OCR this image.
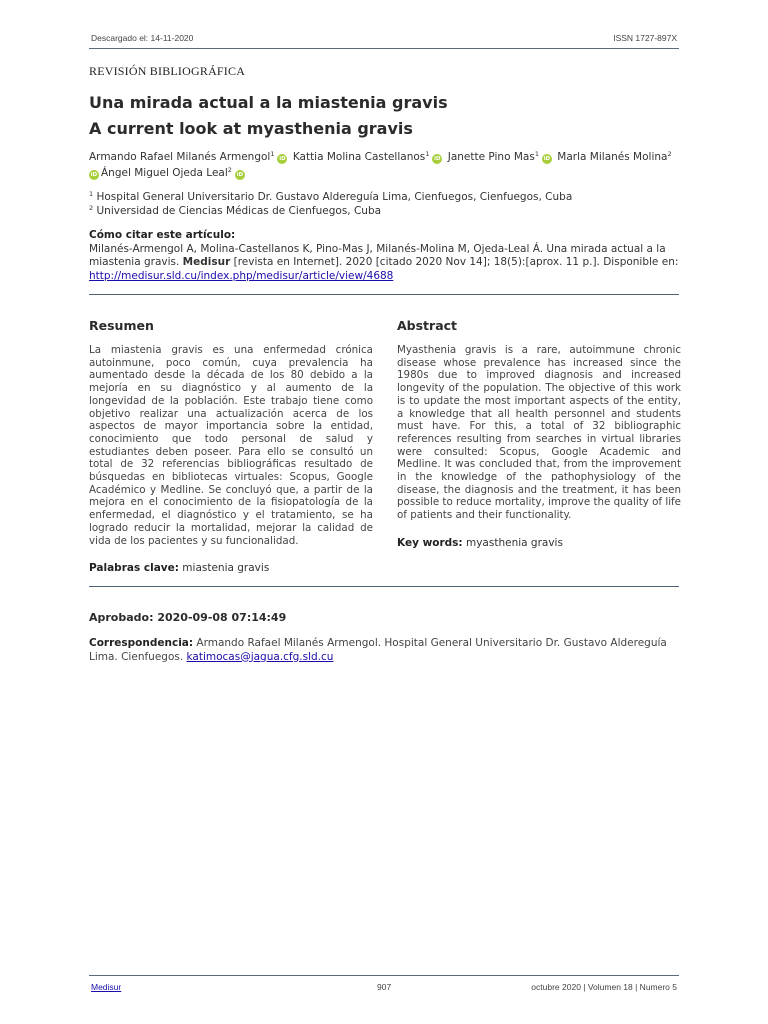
Descargado el: 14-11-2020	ISSN 1727-897X
REVISIÓN BIBLIOGRÁFICA
Una mirada actual a la miastenia gravis
A current look at myasthenia gravis
Armando Rafael Milanés Armengol$^1$iD Kattia Molina Castellanos$^1$iD Janette Pino Mas$^1$iD Marla Milanés Molina$^2$
iD Ángel Miguel Ojeda Leal$^2$iD
$^1$ Hospital General Universitario Dr. Gustavo Aldereguía Lima, Cienfuegos, Cienfuegos, Cuba
$^2$ Universidad de Ciencias Médicas de Cienfuegos, Cuba
Cómo citar este artículo:
Milanés-Armengol A, Molina-Castellanos K, Pino-Mas J, Milanés-Molina M, Ojeda-Leal Á. Una mirada actual a la miastenia gravis. Medisur [revista en Internet]. 2020 [citado 2020 Nov 14]; 18(5):[aprox. 11 p.]. Disponible en:
http://medisur.sld.cu/index.php/medisur/article/view/4688
Resumen
La miastenia gravis es una enfermedad crónica autoinmune, poco común, cuya prevalencia ha aumentado desde la década de los 80 debido a la mejoría en su diagnóstico y al aumento de la longevidad de la población. Este trabajo tiene como objetivo realizar una actualización acerca de los aspectos de mayor importancia sobre la entidad, conocimiento que todo personal de salud y estudiantes deben poseer. Para ello se consultó un total de 32 referencias bibliográficas resultado de búsquedas en bibliotecas virtuales: Scopus, Google Académico y Medline. Se concluyó que, a partir de la mejora en el conocimiento de la fisiopatología de la enfermedad, el diagnóstico y el tratamiento, se ha logrado reducir la mortalidad, mejorar la calidad de vida de los pacientes y su funcionalidad.
Palabras clave: miastenia gravis
Abstract
Myasthenia gravis is a rare, autoimmune chronic disease whose prevalence has increased since the 1980s due to improved diagnosis and increased longevity of the population. The objective of this work is to update the most important aspects of the entity, a knowledge that all health personnel and students must have. For this, a total of 32 bibliographic references resulting from searches in virtual libraries were consulted: Scopus, Google Academic and Medline. It was concluded that, from the improvement in the knowledge of the pathophysiology of the disease, the diagnosis and the treatment, it has been possible to reduce mortality, improve the quality of life of patients and their functionality.
Key words: myasthenia gravis
Aprobado: 2020-09-08 07:14:49
Correspondencia: Armando Rafael Milanés Armengol. Hospital General Universitario Dr. Gustavo Aldereguía Lima. Cienfuegos. katimocas@jagua.cfg.sld.cu
Medisur	907	octubre 2020 | Volumen 18 | Numero 5
